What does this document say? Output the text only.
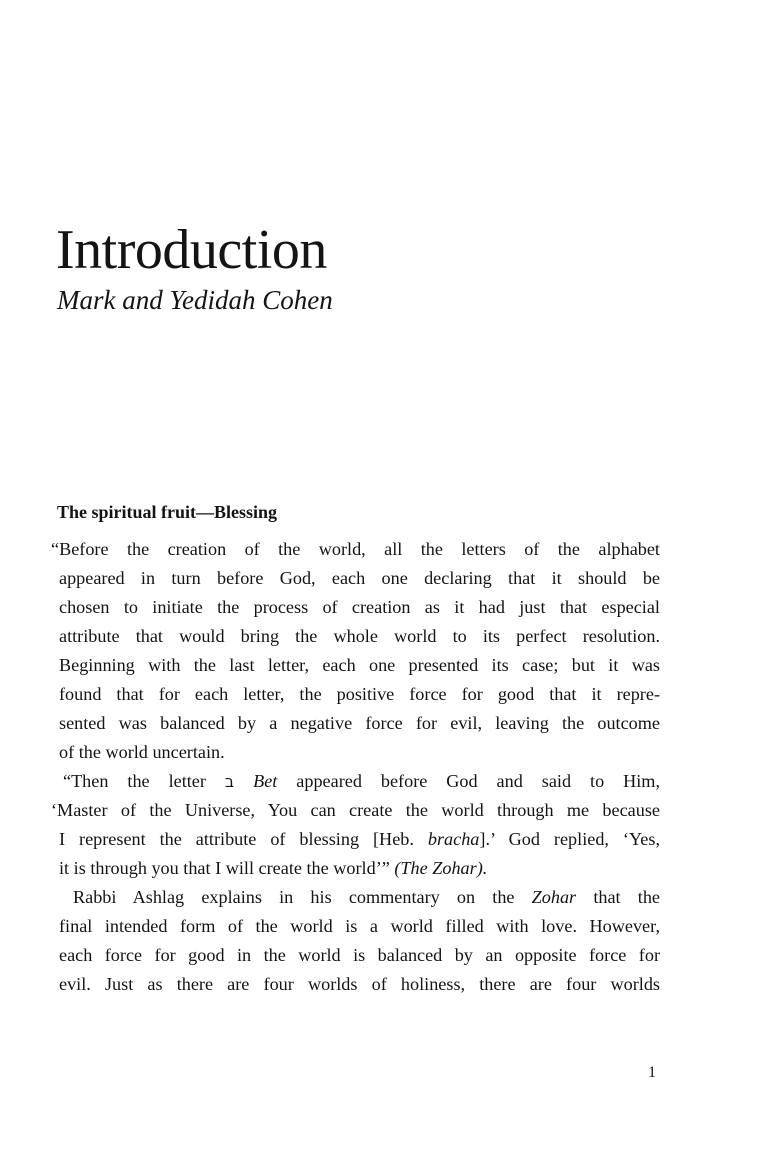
Introduction
Mark and Yedidah Cohen
The spiritual fruit—Blessing
“Before the creation of the world, all the letters of the alphabet
appeared in turn before God, each one declaring that it should be
chosen to initiate the process of creation as it had just that especial
attribute that would bring the whole world to its perfect resolution.
Beginning with the last letter, each one presented its case; but it was
found that for each letter, the positive force for good that it repre-
sented was balanced by a negative force for evil, leaving the outcome
of the world uncertain.
“Then the letter ב Bet appeared before God and said to Him,
‘Master of the Universe, You can create the world through me because
I represent the attribute of blessing [Heb. bracha].’ God replied, ‘Yes,
it is through you that I will create the world’” (The Zohar).
Rabbi Ashlag explains in his commentary on the Zohar that the
final intended form of the world is a world filled with love. However,
each force for good in the world is balanced by an opposite force for
evil. Just as there are four worlds of holiness, there are four worlds
1
